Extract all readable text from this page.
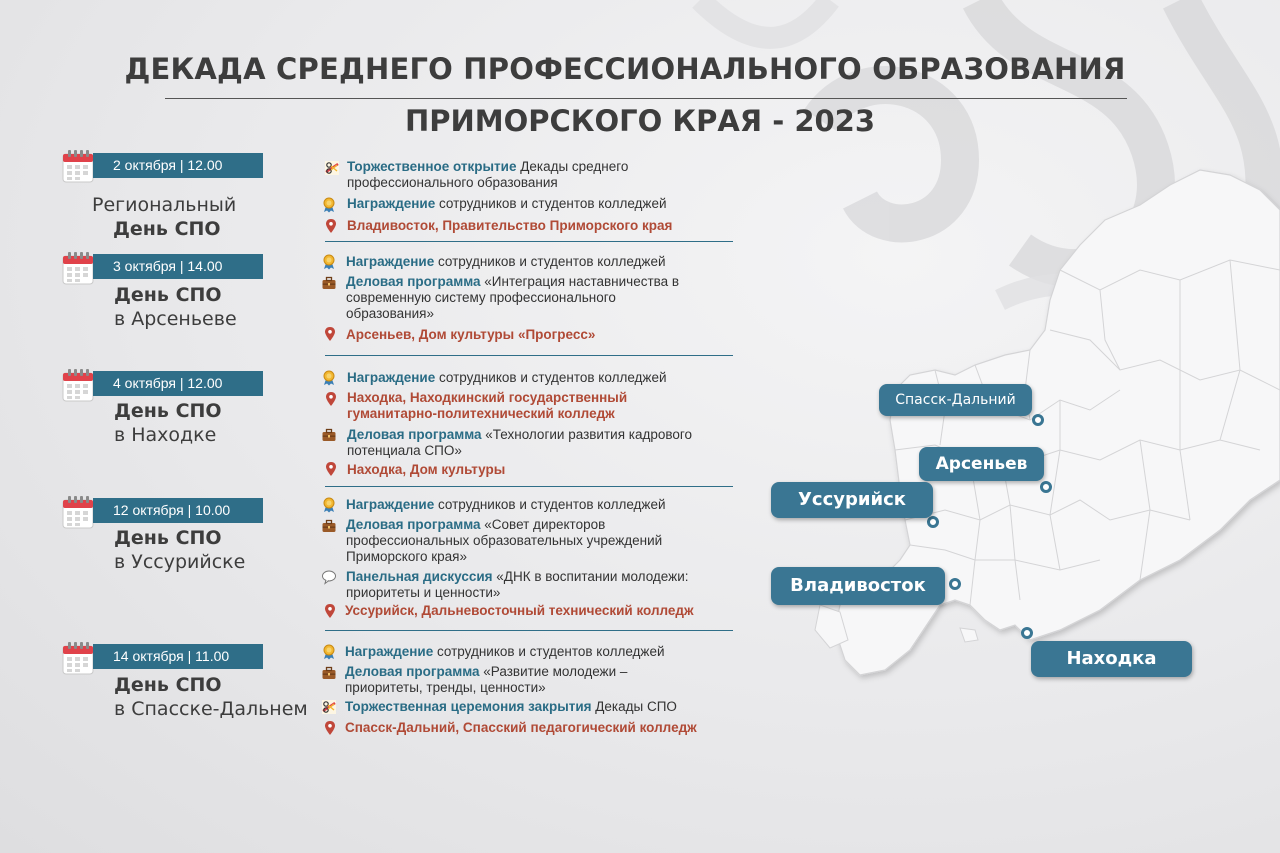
ДЕКАДА СРЕДНЕГО ПРОФЕССИОНАЛЬНОГО ОБРАЗОВАНИЯ
ПРИМОРСКОГО КРАЯ - 2023
2 октября | 12.00
Региональный
День СПО
Торжественное открытие Декады среднего профессионального образования
Награждение сотрудников и студентов колледжей
Владивосток, Правительство Приморского края
3 октября | 14.00
День СПО
в Арсеньеве
Награждение сотрудников и студентов колледжей
Деловая программа «Интеграция наставничества в современную систему профессионального образования»
Арсеньев, Дом культуры «Прогресс»
4 октября | 12.00
День СПО
в Находке
Награждение сотрудников и студентов колледжей
Находка, Находкинский государственный гуманитарно-политехнический колледж
Деловая программа «Технологии развития кадрового потенциала СПО»
Находка, Дом культуры
12 октября | 10.00
День СПО
в Уссурийске
Награждение сотрудников и студентов колледжей
Деловая программа «Совет директоров профессиональных образовательных учреждений Приморского края»
Панельная дискуссия «ДНК в воспитании молодежи: приоритеты и ценности»
Уссурийск, Дальневосточный технический колледж
14 октября | 11.00
День СПО
в Спасске-Дальнем
Награждение сотрудников и студентов колледжей
Деловая программа «Развитие молодежи – приоритеты, тренды, ценности»
Торжественная церемония закрытия Декады СПО
Спасск-Дальний, Спасский педагогический колледж
Спасск-Дальний
Арсеньев
Уссурийск
Владивосток
Находка
